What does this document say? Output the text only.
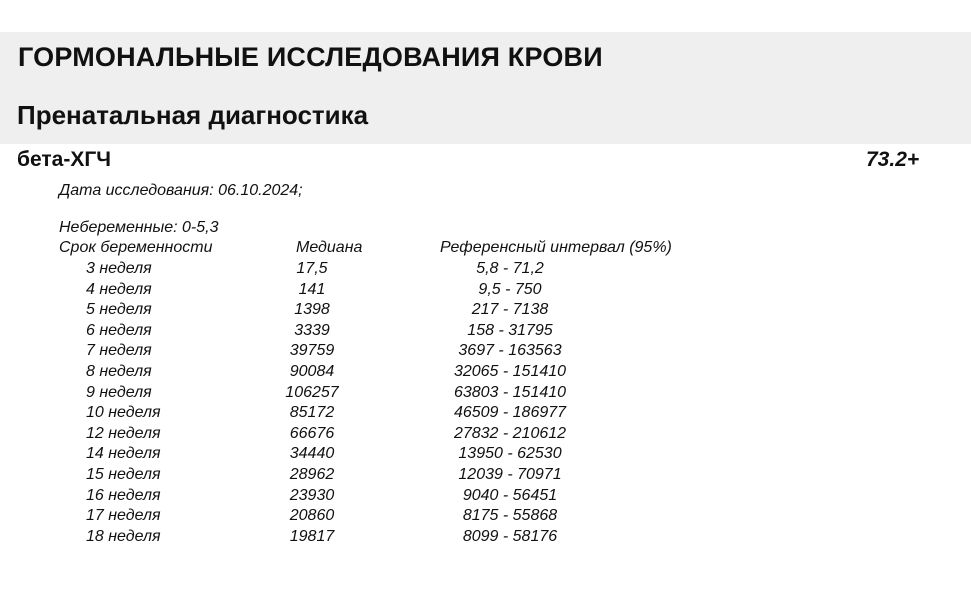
ГОРМОНАЛЬНЫЕ ИССЛЕДОВАНИЯ КРОВИ
Пренатальная диагностика
бета-ХГЧ	73.2+
Дата исследования: 06.10.2024;
Небеременные: 0-5,3
Срок беременности	Медиана	Референсный интервал (95%)
3 неделя	17,5	5,8 - 71,2
4 неделя	141	9,5 - 750
5 неделя	1398	217 - 7138
6 неделя	3339	158 - 31795
7 неделя	39759	3697 - 163563
8 неделя	90084	32065 - 151410
9 неделя	106257	63803 - 151410
10 неделя	85172	46509 - 186977
12 неделя	66676	27832 - 210612
14 неделя	34440	13950 - 62530
15 неделя	28962	12039 - 70971
16 неделя	23930	9040 - 56451
17 неделя	20860	8175 - 55868
18 неделя	19817	8099 - 58176
